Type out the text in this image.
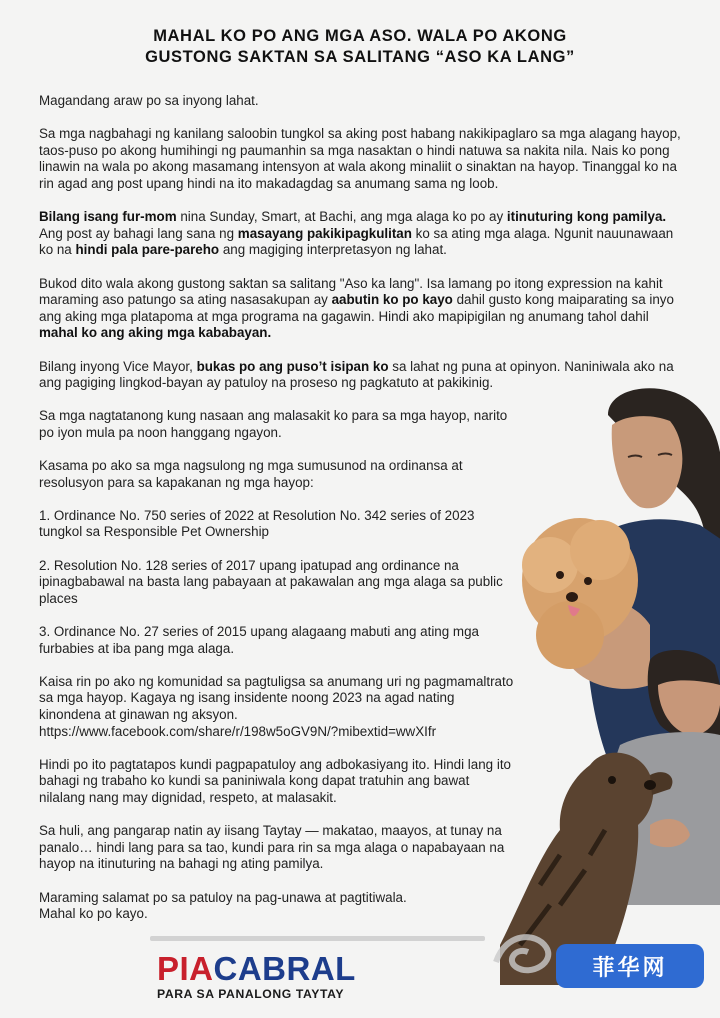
MAHAL KO PO ANG MGA ASO. WALA PO AKONG
GUSTONG SAKTAN SA SALITANG “ASO KA LANG”

Magandang araw po sa inyong lahat.

Sa mga nagbahagi ng kanilang saloobin tungkol sa aking post habang nakikipaglaro sa mga alagang hayop, taos-puso po akong humihingi ng paumanhin sa mga nasaktan o hindi natuwa sa nakita nila. Nais ko pong linawin na wala po akong masamang intensyon at wala akong minaliit o sinaktan na hayop. Tinanggal ko na rin agad ang post upang hindi na ito makadagdag sa anumang sama ng loob.

Bilang isang fur-mom nina Sunday, Smart, at Bachi, ang mga alaga ko po ay itinuturing kong pamilya. Ang post ay bahagi lang sana ng masayang pakikipagkulitan ko sa ating mga alaga. Ngunit nauunawaan ko na hindi pala pare-pareho ang magiging interpretasyon ng lahat.

Bukod dito wala akong gustong saktan sa salitang "Aso ka lang". Isa lamang po itong expression na kahit maraming aso patungo sa ating nasasakupan ay aabutin ko po kayo dahil gusto kong maiparating sa inyo ang aking mga platapoma at mga programa na gagawin. Hindi ako mapipigilan ng anumang tahol dahil mahal ko ang aking mga kababayan.

Bilang inyong Vice Mayor, bukas po ang puso’t isipan ko sa lahat ng puna at opinyon. Naniniwala ako na ang pagiging lingkod-bayan ay patuloy na proseso ng pagkatuto at pakikinig.

Sa mga nagtatanong kung nasaan ang malasakit ko para sa mga hayop, narito po iyon mula pa noon hanggang ngayon.

Kasama po ako sa mga nagsulong ng mga sumusunod na ordinansa at resolusyon para sa kapakanan ng mga hayop:

1. Ordinance No. 750 series of 2022 at Resolution No. 342 series of 2023 tungkol sa Responsible Pet Ownership

2. Resolution No. 128 series of 2017 upang ipatupad ang ordinance na ipinagbabawal na basta lang pabayaan at pakawalan ang mga alaga sa public places

3. Ordinance No. 27 series of 2015 upang alagaang mabuti ang ating mga furbabies at iba pang mga alaga.

Kaisa rin po ako ng komunidad sa pagtuligsa sa anumang uri ng pagmamaltrato sa mga hayop. Kagaya ng isang insidente noong 2023 na agad nating kinondena at ginawan ng aksyon. https://www.facebook.com/share/r/198w5oGV9N/?mibextid=wwXIfr

Hindi po ito pagtatapos kundi pagpapatuloy ang adbokasiyang ito. Hindi lang ito bahagi ng trabaho ko kundi sa paniniwala kong dapat tratuhin ang bawat nilalang nang may dignidad, respeto, at malasakit.

Sa huli, ang pangarap natin ay iisang Taytay — makatao, maayos, at tunay na panalo… hindi lang para sa tao, kundi para rin sa mga alaga o napabayaan na hayop na itinuturing na bahagi ng ating pamilya.

Maraming salamat po sa patuloy na pag-unawa at pagtitiwala.

Mahal ko po kayo.

PIACABRAL
PARA SA PANALONG TAYTAY
菲华网
